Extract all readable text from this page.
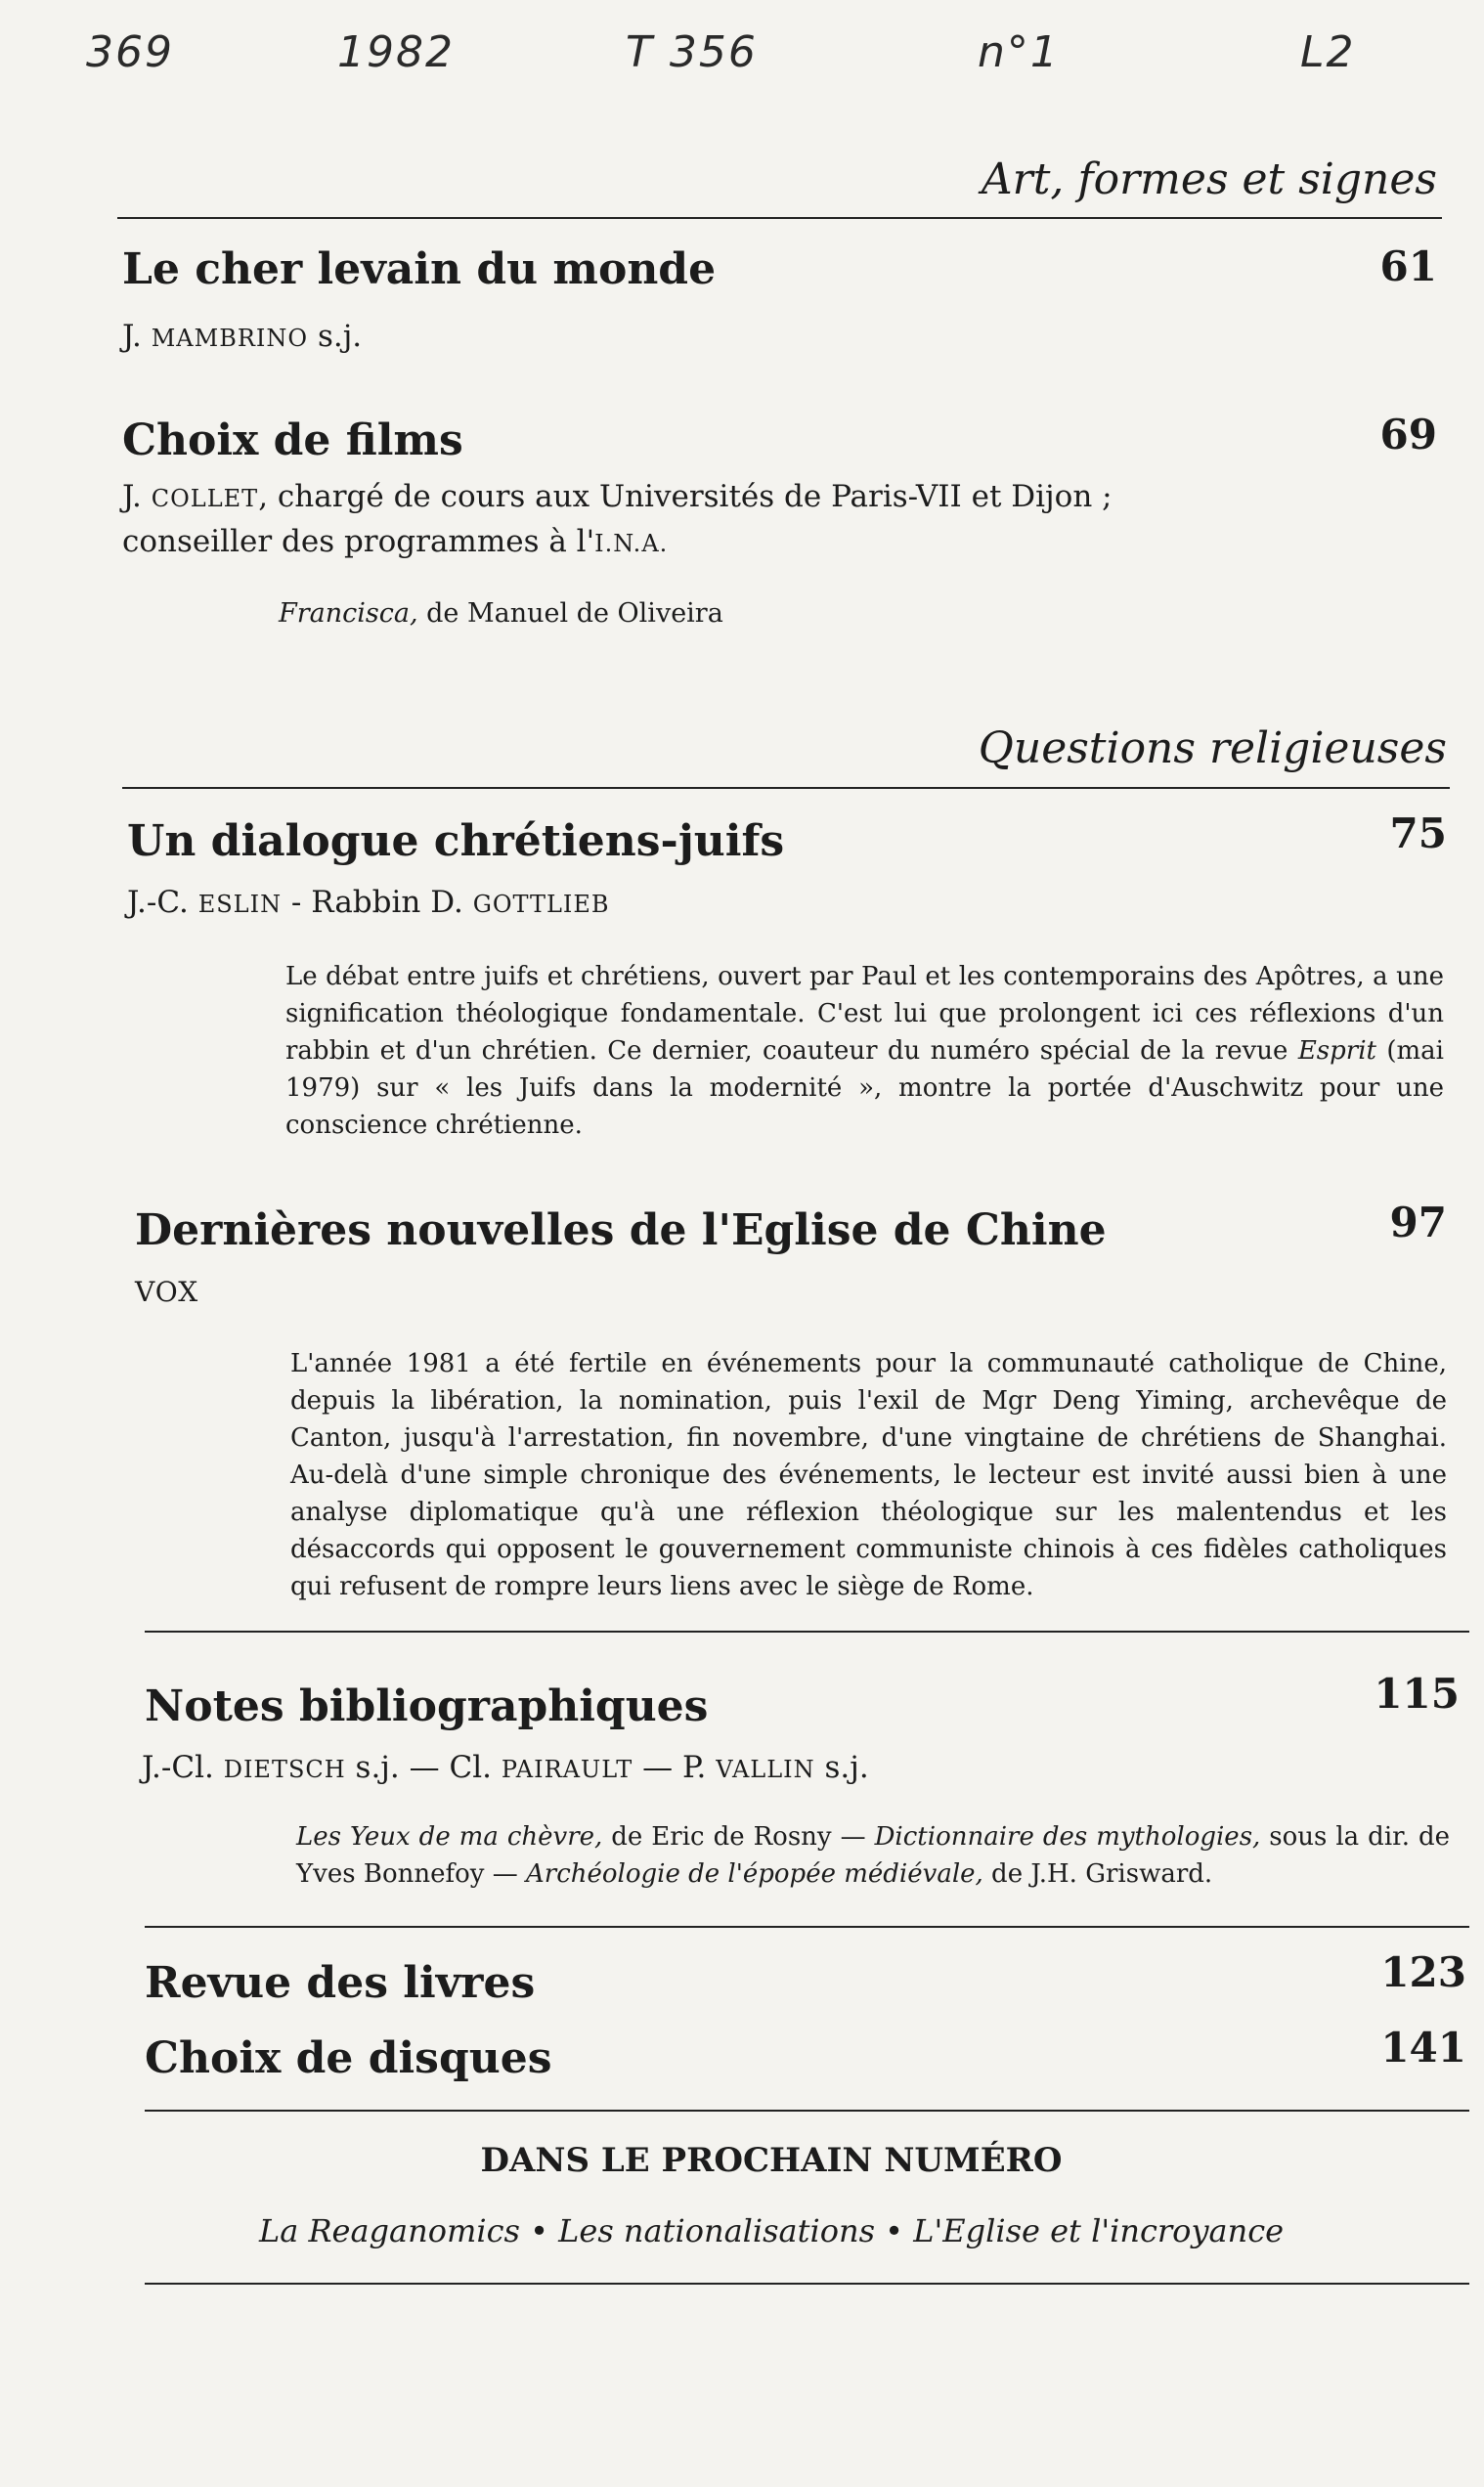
369	1982	T 356	n°1	L2
Art, formes et signes
Le cher levain du monde	61
J. MAMBRINO s.j.
Choix de films	69
J. COLLET, chargé de cours aux Universités de Paris-VII et Dijon ;
conseiller des programmes à l'I.N.A.
Francisca, de Manuel de Oliveira
Questions religieuses
Un dialogue chrétiens-juifs	75
J.-C. ESLIN - Rabbin D. GOTTLIEB
Le débat entre juifs et chrétiens, ouvert par Paul et les contemporains des Apôtres, a une signification théologique fondamentale. C'est lui que prolongent ici ces réflexions d'un rabbin et d'un chrétien. Ce dernier, coauteur du numéro spécial de la revue Esprit (mai 1979) sur « les Juifs dans la modernité », montre la portée d'Auschwitz pour une conscience chrétienne.
Dernières nouvelles de l'Eglise de Chine	97
VOX
L'année 1981 a été fertile en événements pour la communauté catholique de Chine, depuis la libération, la nomination, puis l'exil de Mgr Deng Yiming, archevêque de Canton, jusqu'à l'arrestation, fin novembre, d'une vingtaine de chrétiens de Shanghai. Au-delà d'une simple chronique des événements, le lecteur est invité aussi bien à une analyse diplomatique qu'à une réflexion théologique sur les malentendus et les désaccords qui opposent le gouvernement communiste chinois à ces fidèles catholiques qui refusent de rompre leurs liens avec le siège de Rome.
Notes bibliographiques	115
J.-Cl. DIETSCH s.j. — Cl. PAIRAULT — P. VALLIN s.j.
Les Yeux de ma chèvre, de Eric de Rosny — Dictionnaire des mythologies, sous la dir. de Yves Bonnefoy — Archéologie de l'épopée médiévale, de J.H. Grisward.
Revue des livres	123
Choix de disques	141
DANS LE PROCHAIN NUMÉRO
La Reaganomics • Les nationalisations • L'Eglise et l'incroyance
